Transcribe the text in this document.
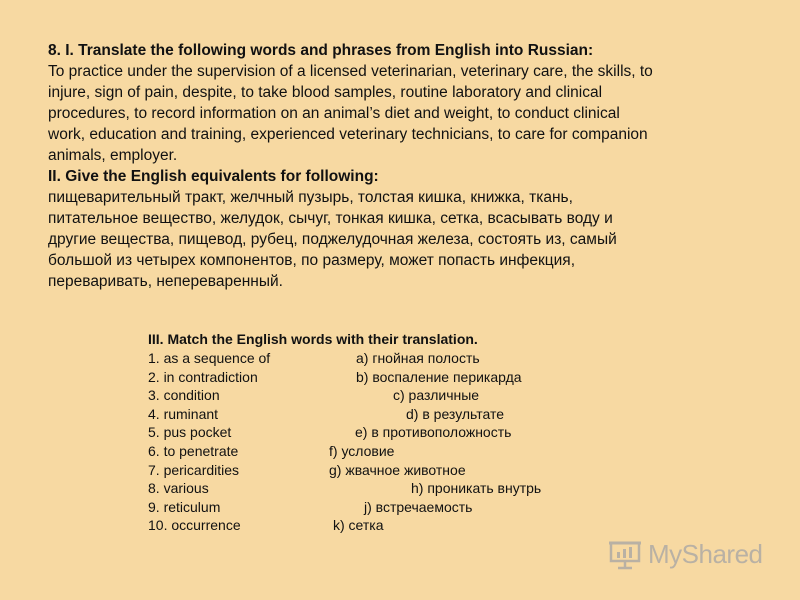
8. I. Translate the following words and phrases from English into Russian:

To practice under the supervision of a licensed veterinarian, veterinary care, the skills, to

injure, sign of pain, despite, to take blood samples, routine laboratory and clinical

procedures, to record information on an animal’s diet and weight, to conduct clinical

work, education and training, experienced veterinary technicians, to care for companion

animals, employer.

II. Give the English equivalents for following:

пищеварительный тракт, желчный пузырь, толстая кишка, книжка, ткань,

питательное вещество, желудок, сычуг, тонкая кишка, сетка, всасывать воду и

другие вещества, пищевод, рубец, поджелудочная железа, состоять из, самый

большой из четырех компонентов, по размеру, может попасть инфекция,

переваривать, непереваренный.

III. Match the English words with their translation.

1. as a sequence of	a) гнойная полость
2. in contradiction	b) воспаление перикарда
3. condition	c) различные
4. ruminant	d) в результате
5. pus pocket	e) в противоположность
6. to penetrate	f) условие
7. pericardities	g) жвачное животное
8. various	h) проникать внутрь
9. reticulum	j) встречаемость
10. occurrence	k) сетка
MyShared
